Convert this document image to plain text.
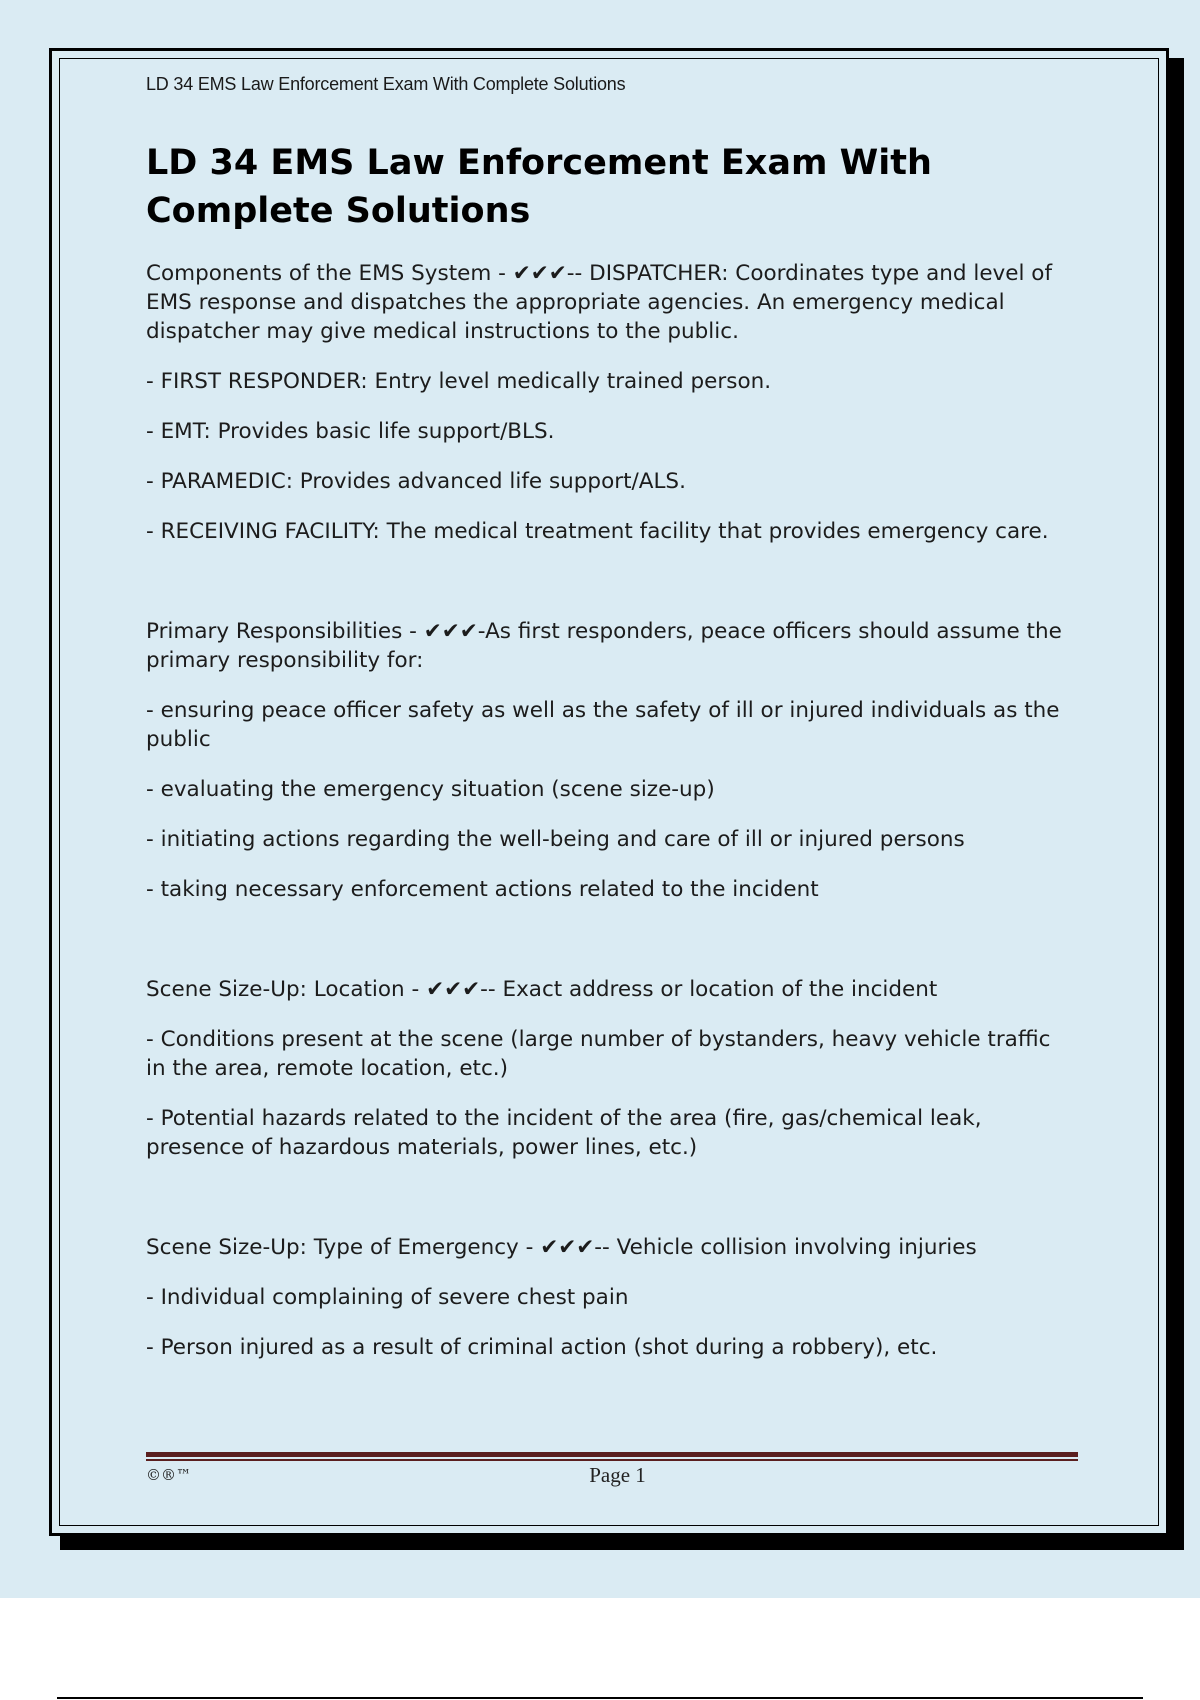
LD 34 EMS Law Enforcement Exam With Complete Solutions
LD 34 EMS Law Enforcement Exam With Complete Solutions

Components of the EMS System - ✔✔✔-- DISPATCHER: Coordinates type and level of EMS response and dispatches the appropriate agencies. An emergency medical dispatcher may give medical instructions to the public.

- FIRST RESPONDER: Entry level medically trained person.

- EMT: Provides basic life support/BLS.

- PARAMEDIC: Provides advanced life support/ALS.

- RECEIVING FACILITY: The medical treatment facility that provides emergency care.

Primary Responsibilities - ✔✔✔-As first responders, peace officers should assume the primary responsibility for:

- ensuring peace officer safety as well as the safety of ill or injured individuals as the public

- evaluating the emergency situation (scene size-up)

- initiating actions regarding the well-being and care of ill or injured persons

- taking necessary enforcement actions related to the incident

Scene Size-Up: Location - ✔✔✔-- Exact address or location of the incident

- Conditions present at the scene (large number of bystanders, heavy vehicle traffic in the area, remote location, etc.)

- Potential hazards related to the incident of the area (fire, gas/chemical leak, presence of hazardous materials, power lines, etc.)

Scene Size-Up: Type of Emergency - ✔✔✔-- Vehicle collision involving injuries

- Individual complaining of severe chest pain

- Person injured as a result of criminal action (shot during a robbery), etc.

©®™	Page 1
